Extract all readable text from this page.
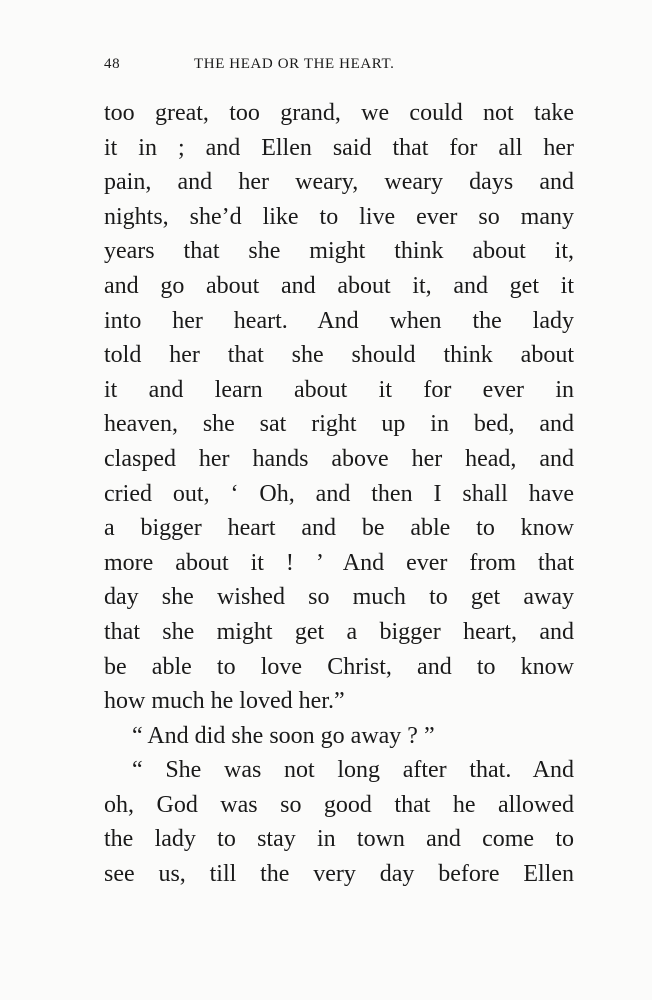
48	THE HEAD OR THE HEART.
too great, too grand, we could not take
it in ; and Ellen said that for all her
pain, and her weary, weary days and
nights, she’d like to live ever so many
years that she might think about it,
and go about and about it, and get it
into her heart. And when the lady
told her that she should think about
it and learn about it for ever in
heaven, she sat right up in bed, and
clasped her hands above her head, and
cried out, ‘ Oh, and then I shall have
a bigger heart and be able to know
more about it ! ’ And ever from that
day she wished so much to get away
that she might get a bigger heart, and
be able to love Christ, and to know
how much he loved her.”
“ And did she soon go away ? ”
“ She was not long after that. And
oh, God was so good that he allowed
the lady to stay in town and come to
see us, till the very day before Ellen
